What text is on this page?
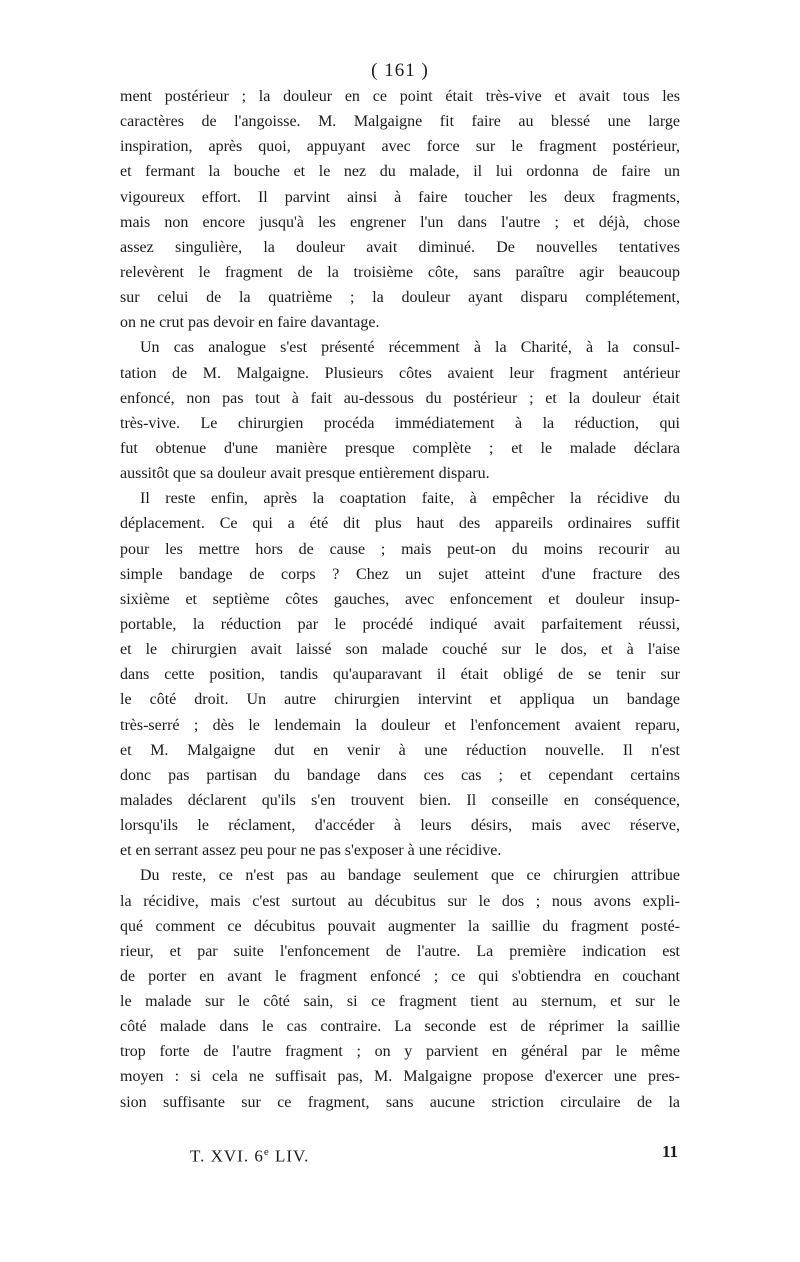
( 161 )
ment postérieur ; la douleur en ce point était très-vive et avait tous les
caractères de l'angoisse. M. Malgaigne fit faire au blessé une large
inspiration, après quoi, appuyant avec force sur le fragment postérieur,
et fermant la bouche et le nez du malade, il lui ordonna de faire un
vigoureux effort. Il parvint ainsi à faire toucher les deux fragments,
mais non encore jusqu'à les engrener l'un dans l'autre ; et déjà, chose
assez singulière, la douleur avait diminué. De nouvelles tentatives
relevèrent le fragment de la troisième côte, sans paraître agir beaucoup
sur celui de la quatrième ; la douleur ayant disparu complétement,
on ne crut pas devoir en faire davantage.
Un cas analogue s'est présenté récemment à la Charité, à la consul-
tation de M. Malgaigne. Plusieurs côtes avaient leur fragment antérieur
enfoncé, non pas tout à fait au-dessous du postérieur ; et la douleur était
très-vive. Le chirurgien procéda immédiatement à la réduction, qui
fut obtenue d'une manière presque complète ; et le malade déclara
aussitôt que sa douleur avait presque entièrement disparu.
Il reste enfin, après la coaptation faite, à empêcher la récidive du
déplacement. Ce qui a été dit plus haut des appareils ordinaires suffit
pour les mettre hors de cause ; mais peut-on du moins recourir au
simple bandage de corps ? Chez un sujet atteint d'une fracture des
sixième et septième côtes gauches, avec enfoncement et douleur insup-
portable, la réduction par le procédé indiqué avait parfaitement réussi,
et le chirurgien avait laissé son malade couché sur le dos, et à l'aise
dans cette position, tandis qu'auparavant il était obligé de se tenir sur
le côté droit. Un autre chirurgien intervint et appliqua un bandage
très-serré ; dès le lendemain la douleur et l'enfoncement avaient reparu,
et M. Malgaigne dut en venir à une réduction nouvelle. Il n'est
donc pas partisan du bandage dans ces cas ; et cependant certains
malades déclarent qu'ils s'en trouvent bien. Il conseille en conséquence,
lorsqu'ils le réclament, d'accéder à leurs désirs, mais avec réserve,
et en serrant assez peu pour ne pas s'exposer à une récidive.
Du reste, ce n'est pas au bandage seulement que ce chirurgien attribue
la récidive, mais c'est surtout au décubitus sur le dos ; nous avons expli-
qué comment ce décubitus pouvait augmenter la saillie du fragment posté-
rieur, et par suite l'enfoncement de l'autre. La première indication est
de porter en avant le fragment enfoncé ; ce qui s'obtiendra en couchant
le malade sur le côté sain, si ce fragment tient au sternum, et sur le
côté malade dans le cas contraire. La seconde est de réprimer la saillie
trop forte de l'autre fragment ; on y parvient en général par le même
moyen : si cela ne suffisait pas, M. Malgaigne propose d'exercer une pres-
sion suffisante sur ce fragment, sans aucune striction circulaire de la
T. XVI. 6e LIV.	11
